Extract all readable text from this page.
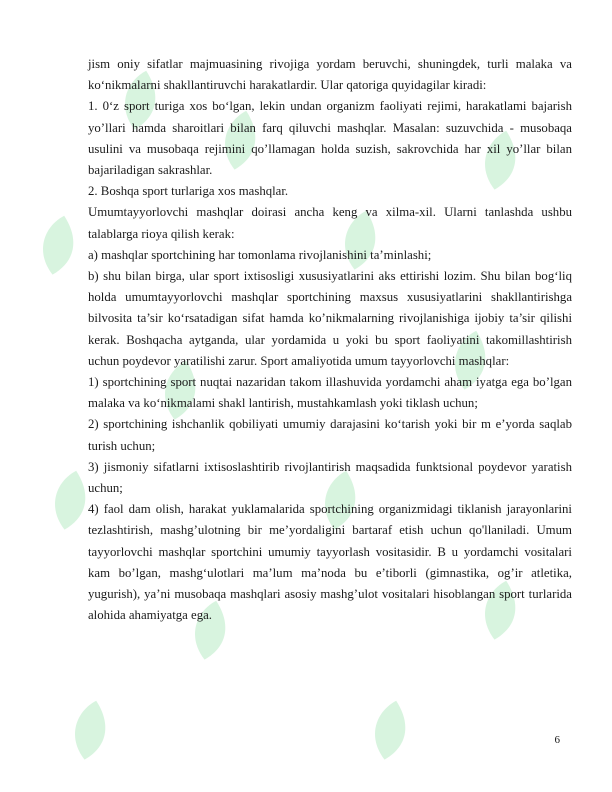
jism oniy sifatlar majmuasining rivojiga yordam beruvchi, shuningdek, turli malaka va ko‘nikmalarni shakllantiruvchi harakatlardir. Ular qatoriga quyidagilar kiradi:

1. 0‘z sport turiga xos bo‘lgan, lekin undan organizm faoliyati rejimi, harakatlami bajarish yo’llari hamda sharoitlari bilan farq qiluvchi mashqlar. Masalan: suzuvchida - musobaqa usulini va musobaqa rejimini qo’llamagan holda suzish, sakrovchida har xil yo’llar bilan bajariladigan sakrashlar.

2. Boshqa sport turlariga xos mashqlar.

Umumtayyorlovchi mashqlar doirasi ancha keng va xilma-xil. Ularni tanlashda ushbu talablarga rioya qilish kerak:

a) mashqlar sportchining har tomonlama rivojlanishini ta’minlashi;

b) shu bilan birga, ular sport ixtisosligi xususiyatlarini aks ettirishi lozim. Shu bilan bog‘liq holda umumtayyorlovchi mashqlar sportchining maxsus xususiyatlarini shakllantirishga bilvosita ta’sir ko‘rsatadigan sifat hamda ko’nikmalarning rivojlanishiga ijobiy ta’sir qilishi kerak. Boshqacha aytganda, ular yordamida u yoki bu sport faoliyatini takomillashtirish uchun poydevor yaratilishi zarur. Sport amaliyotida umum tayyorlovchi mashqlar:

1) sportchining sport nuqtai nazaridan takom illashuvida yordamchi aham iyatga ega bo’lgan malaka va ko‘nikmalami shakl lantirish, mustahkamlash yoki tiklash uchun;

2) sportchining ishchanlik qobiliyati umumiy darajasini ko‘tarish yoki bir m e’yorda saqlab turish uchun;

3) jismoniy sifatlarni ixtisoslashtirib rivojlantirish maqsadida funktsional poydevor yaratish uchun;

4) faol dam olish, harakat yuklamalarida sportchining organizmidagi tiklanish jarayonlarini tezlashtirish, mashg’ulotning bir me’yordaligini bartaraf etish uchun qo'llaniladi. Umum tayyorlovchi mashqlar sportchini umumiy tayyorlash vositasidir. B u yordamchi vositalari kam bo’lgan, mashg‘ulotlari ma’lum ma’noda bu e’tiborli (gimnastika, og’ir atletika, yugurish), ya’ni musobaqa mashqlari asosiy mashg’ulot vositalari hisoblangan sport turlarida alohida ahamiyatga ega.

6
